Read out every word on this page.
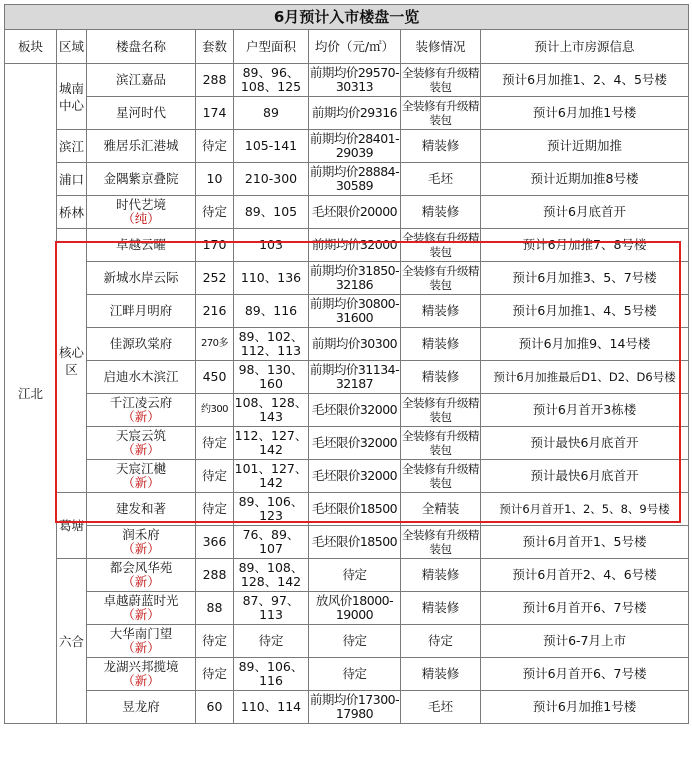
6月预计入市楼盘一览							
板块	区域	楼盘名称	套数	户型面积	均价（元/㎡）	装修情况	预计上市房源信息
江北	城南中心	滨江嘉品	288	89、96、108、125	前期均价29570-30313	全装修有升级精装包	预计6月加推1、2、4、5号楼
		星河时代	174	89	前期均价29316	全装修有升级精装包	预计6月加推1号楼
	滨江	雅居乐汇港城	待定	105-141	前期均价28401-29039	精装修	预计近期加推
	浦口	金隅紫京叠院	10	210-300	前期均价28884-30589	毛坯	预计近期加推8号楼
	桥林	时代艺境
（纯）	待定	89、105	毛坯限价20000	精装修	预计6月底首开
	核心区	卓越云曜	170	103	前期均价32000	全装修有升级精装包	预计6月加推7、8号楼
		新城水岸云际	252	110、136	前期均价31850-32186	全装修有升级精装包	预计6月加推3、5、7号楼
		江畔月明府	216	89、116	前期均价30800-31600	精装修	预计6月加推1、4、5号楼
		佳源玖棠府	270多	89、102、112、113	前期均价30300	精装修	预计6月加推9、14号楼
		启迪水木滨江	450	98、130、160	前期均价31134-32187	精装修	预计6月加推最后D1、D2、D6号楼
		千江凌云府
（新）	约300	108、128、143	毛坯限价32000	全装修有升级精装包	预计6月首开3栋楼
		天宸云筑
（新）	待定	112、127、142	毛坯限价32000	全装修有升级精装包	预计最快6月底首开
		天宸江樾
（新）	待定	101、127、142	毛坯限价32000	全装修有升级精装包	预计最快6月底首开
	葛塘	建发和著	待定	89、106、123	毛坯限价18500	全精装	预计6月首开1、2、5、8、9号楼
		润禾府
（新）	366	76、89、107	毛坯限价18500	全装修有升级精装包	预计6月首开1、5号楼
	六合	都会风华苑
（新）	288	89、108、128、142	待定	精装修	预计6月首开2、4、6号楼
		卓越蔚蓝时光
（新）	88	87、97、113	放风价18000-19000	精装修	预计6月首开6、7号楼
		大华南门望
（新）	待定	待定	待定	待定	预计6-7月上市
		龙湖兴邦揽境
（新）	待定	89、106、116	待定	精装修	预计6月首开6、7号楼
		昱龙府	60	110、114	前期均价17300-17980	毛坯	预计6月加推1号楼
